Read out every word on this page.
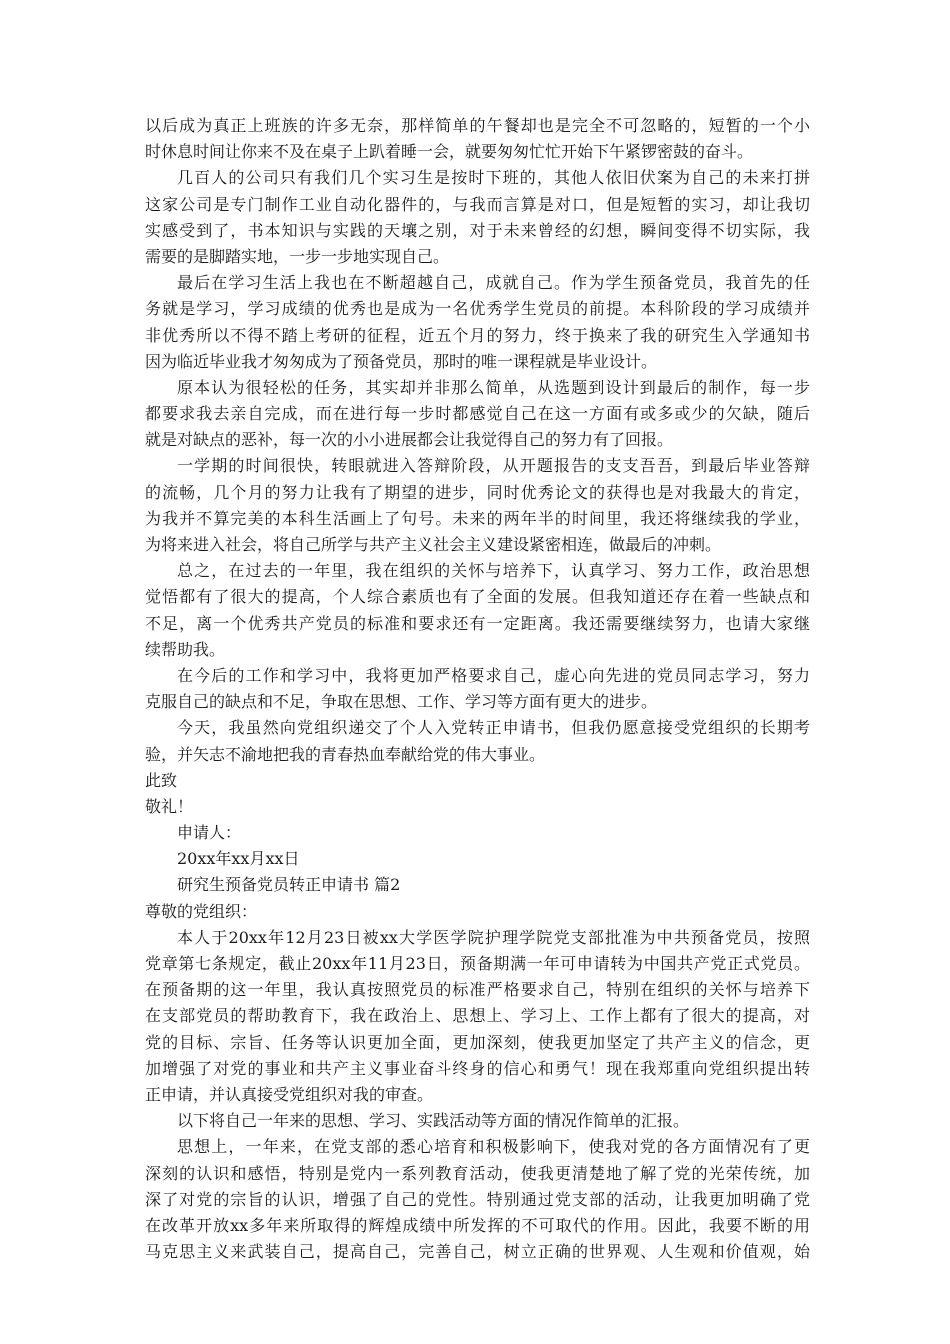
以后成为真正上班族的许多无奈，那样简单的午餐却也是完全不可忽略的，短暂的一个小
时休息时间让你来不及在桌子上趴着睡一会，就要匆匆忙忙开始下午紧锣密鼓的奋斗。
几百人的公司只有我们几个实习生是按时下班的，其他人依旧伏案为自己的未来打拼
这家公司是专门制作工业自动化器件的，与我而言算是对口，但是短暂的实习，却让我切
实感受到了，书本知识与实践的天壤之别，对于未来曾经的幻想，瞬间变得不切实际，我
需要的是脚踏实地，一步一步地实现自己。
最后在学习生活上我也在不断超越自己，成就自己。作为学生预备党员，我首先的任
务就是学习，学习成绩的优秀也是成为一名优秀学生党员的前提。本科阶段的学习成绩并
非优秀所以不得不踏上考研的征程，近五个月的努力，终于换来了我的研究生入学通知书
因为临近毕业我才匆匆成为了预备党员，那时的唯一课程就是毕业设计。
原本认为很轻松的任务，其实却并非那么简单，从选题到设计到最后的制作，每一步
都要求我去亲自完成，而在进行每一步时都感觉自己在这一方面有或多或少的欠缺，随后
就是对缺点的恶补，每一次的小小进展都会让我觉得自己的努力有了回报。
一学期的时间很快，转眼就进入答辩阶段，从开题报告的支支吾吾，到最后毕业答辩
的流畅，几个月的努力让我有了期望的进步，同时优秀论文的获得也是对我最大的肯定，
为我并不算完美的本科生活画上了句号。未来的两年半的时间里，我还将继续我的学业，
为将来进入社会，将自己所学与共产主义社会主义建设紧密相连，做最后的冲刺。
总之，在过去的一年里，我在组织的关怀与培养下，认真学习、努力工作，政治思想
觉悟都有了很大的提高，个人综合素质也有了全面的发展。但我知道还存在着一些缺点和
不足，离一个优秀共产党员的标准和要求还有一定距离。我还需要继续努力，也请大家继
续帮助我。
在今后的工作和学习中，我将更加严格要求自己，虚心向先进的党员同志学习，努力
克服自己的缺点和不足，争取在思想、工作、学习等方面有更大的进步。
今天，我虽然向党组织递交了个人入党转正申请书，但我仍愿意接受党组织的长期考
验，并矢志不渝地把我的青春热血奉献给党的伟大事业。
此致
敬礼！
申请人：
20xx年xx月xx日
研究生预备党员转正申请书 篇2
尊敬的党组织：
本人于20xx年12月23日被xx大学医学院护理学院党支部批准为中共预备党员，按照
党章第七条规定，截止20xx年11月23日，预备期满一年可申请转为中国共产党正式党员。
在预备期的这一年里，我认真按照党员的标准严格要求自己，特别在组织的关怀与培养下
在支部党员的帮助教育下，我在政治上、思想上、学习上、工作上都有了很大的提高，对
党的目标、宗旨、任务等认识更加全面，更加深刻，使我更加坚定了共产主义的信念，更
加增强了对党的事业和共产主义事业奋斗终身的信心和勇气！现在我郑重向党组织提出转
正申请，并认真接受党组织对我的审查。
以下将自己一年来的思想、学习、实践活动等方面的情况作简单的汇报。
思想上，一年来，在党支部的悉心培育和积极影响下，使我对党的各方面情况有了更
深刻的认识和感悟，特别是党内一系列教育活动，使我更清楚地了解了党的光荣传统，加
深了对党的宗旨的认识，增强了自己的党性。特别通过党支部的活动，让我更加明确了党
在改革开放xx多年来所取得的辉煌成绩中所发挥的不可取代的作用。因此，我要不断的用
马克思主义来武装自己，提高自己，完善自己，树立正确的世界观、人生观和价值观，始
